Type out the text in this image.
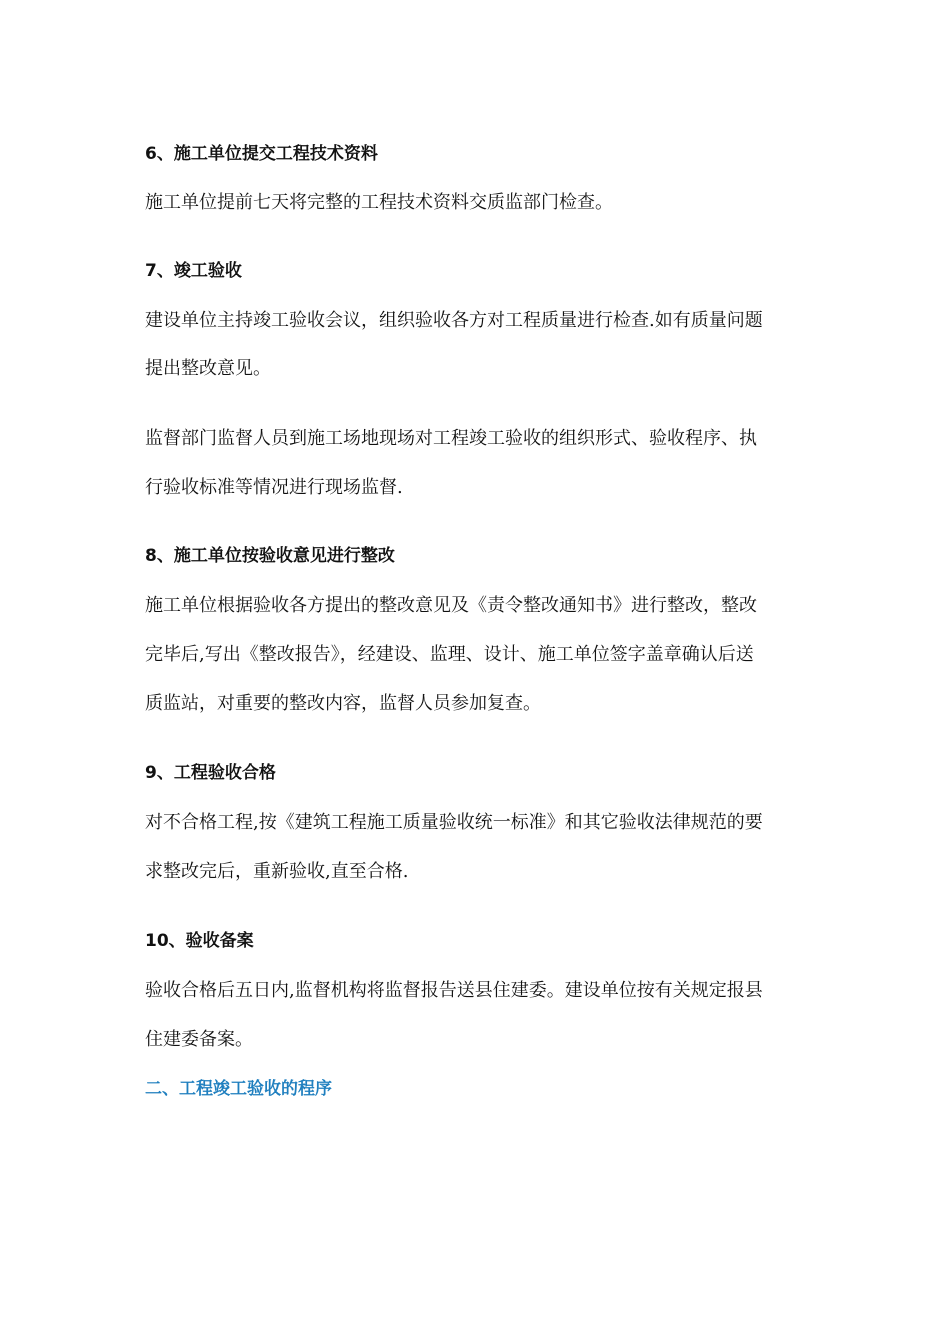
6、施工单位提交工程技术资料
施工单位提前七天将完整的工程技术资料交质监部门检查。
7、竣工验收
建设单位主持竣工验收会议，组织验收各方对工程质量进行检查.如有质量问题
提出整改意见。
监督部门监督人员到施工场地现场对工程竣工验收的组织形式、验收程序、执
行验收标准等情况进行现场监督.
8、施工单位按验收意见进行整改
施工单位根据验收各方提出的整改意见及《责令整改通知书》进行整改，整改
完毕后,写出《整改报告》，经建设、监理、设计、施工单位签字盖章确认后送
质监站，对重要的整改内容，监督人员参加复查。
9、工程验收合格
对不合格工程,按《建筑工程施工质量验收统一标准》和其它验收法律规范的要
求整改完后，重新验收,直至合格.
10、验收备案
验收合格后五日内,监督机构将监督报告送县住建委。建设单位按有关规定报县
住建委备案。
二、工程竣工验收的程序
